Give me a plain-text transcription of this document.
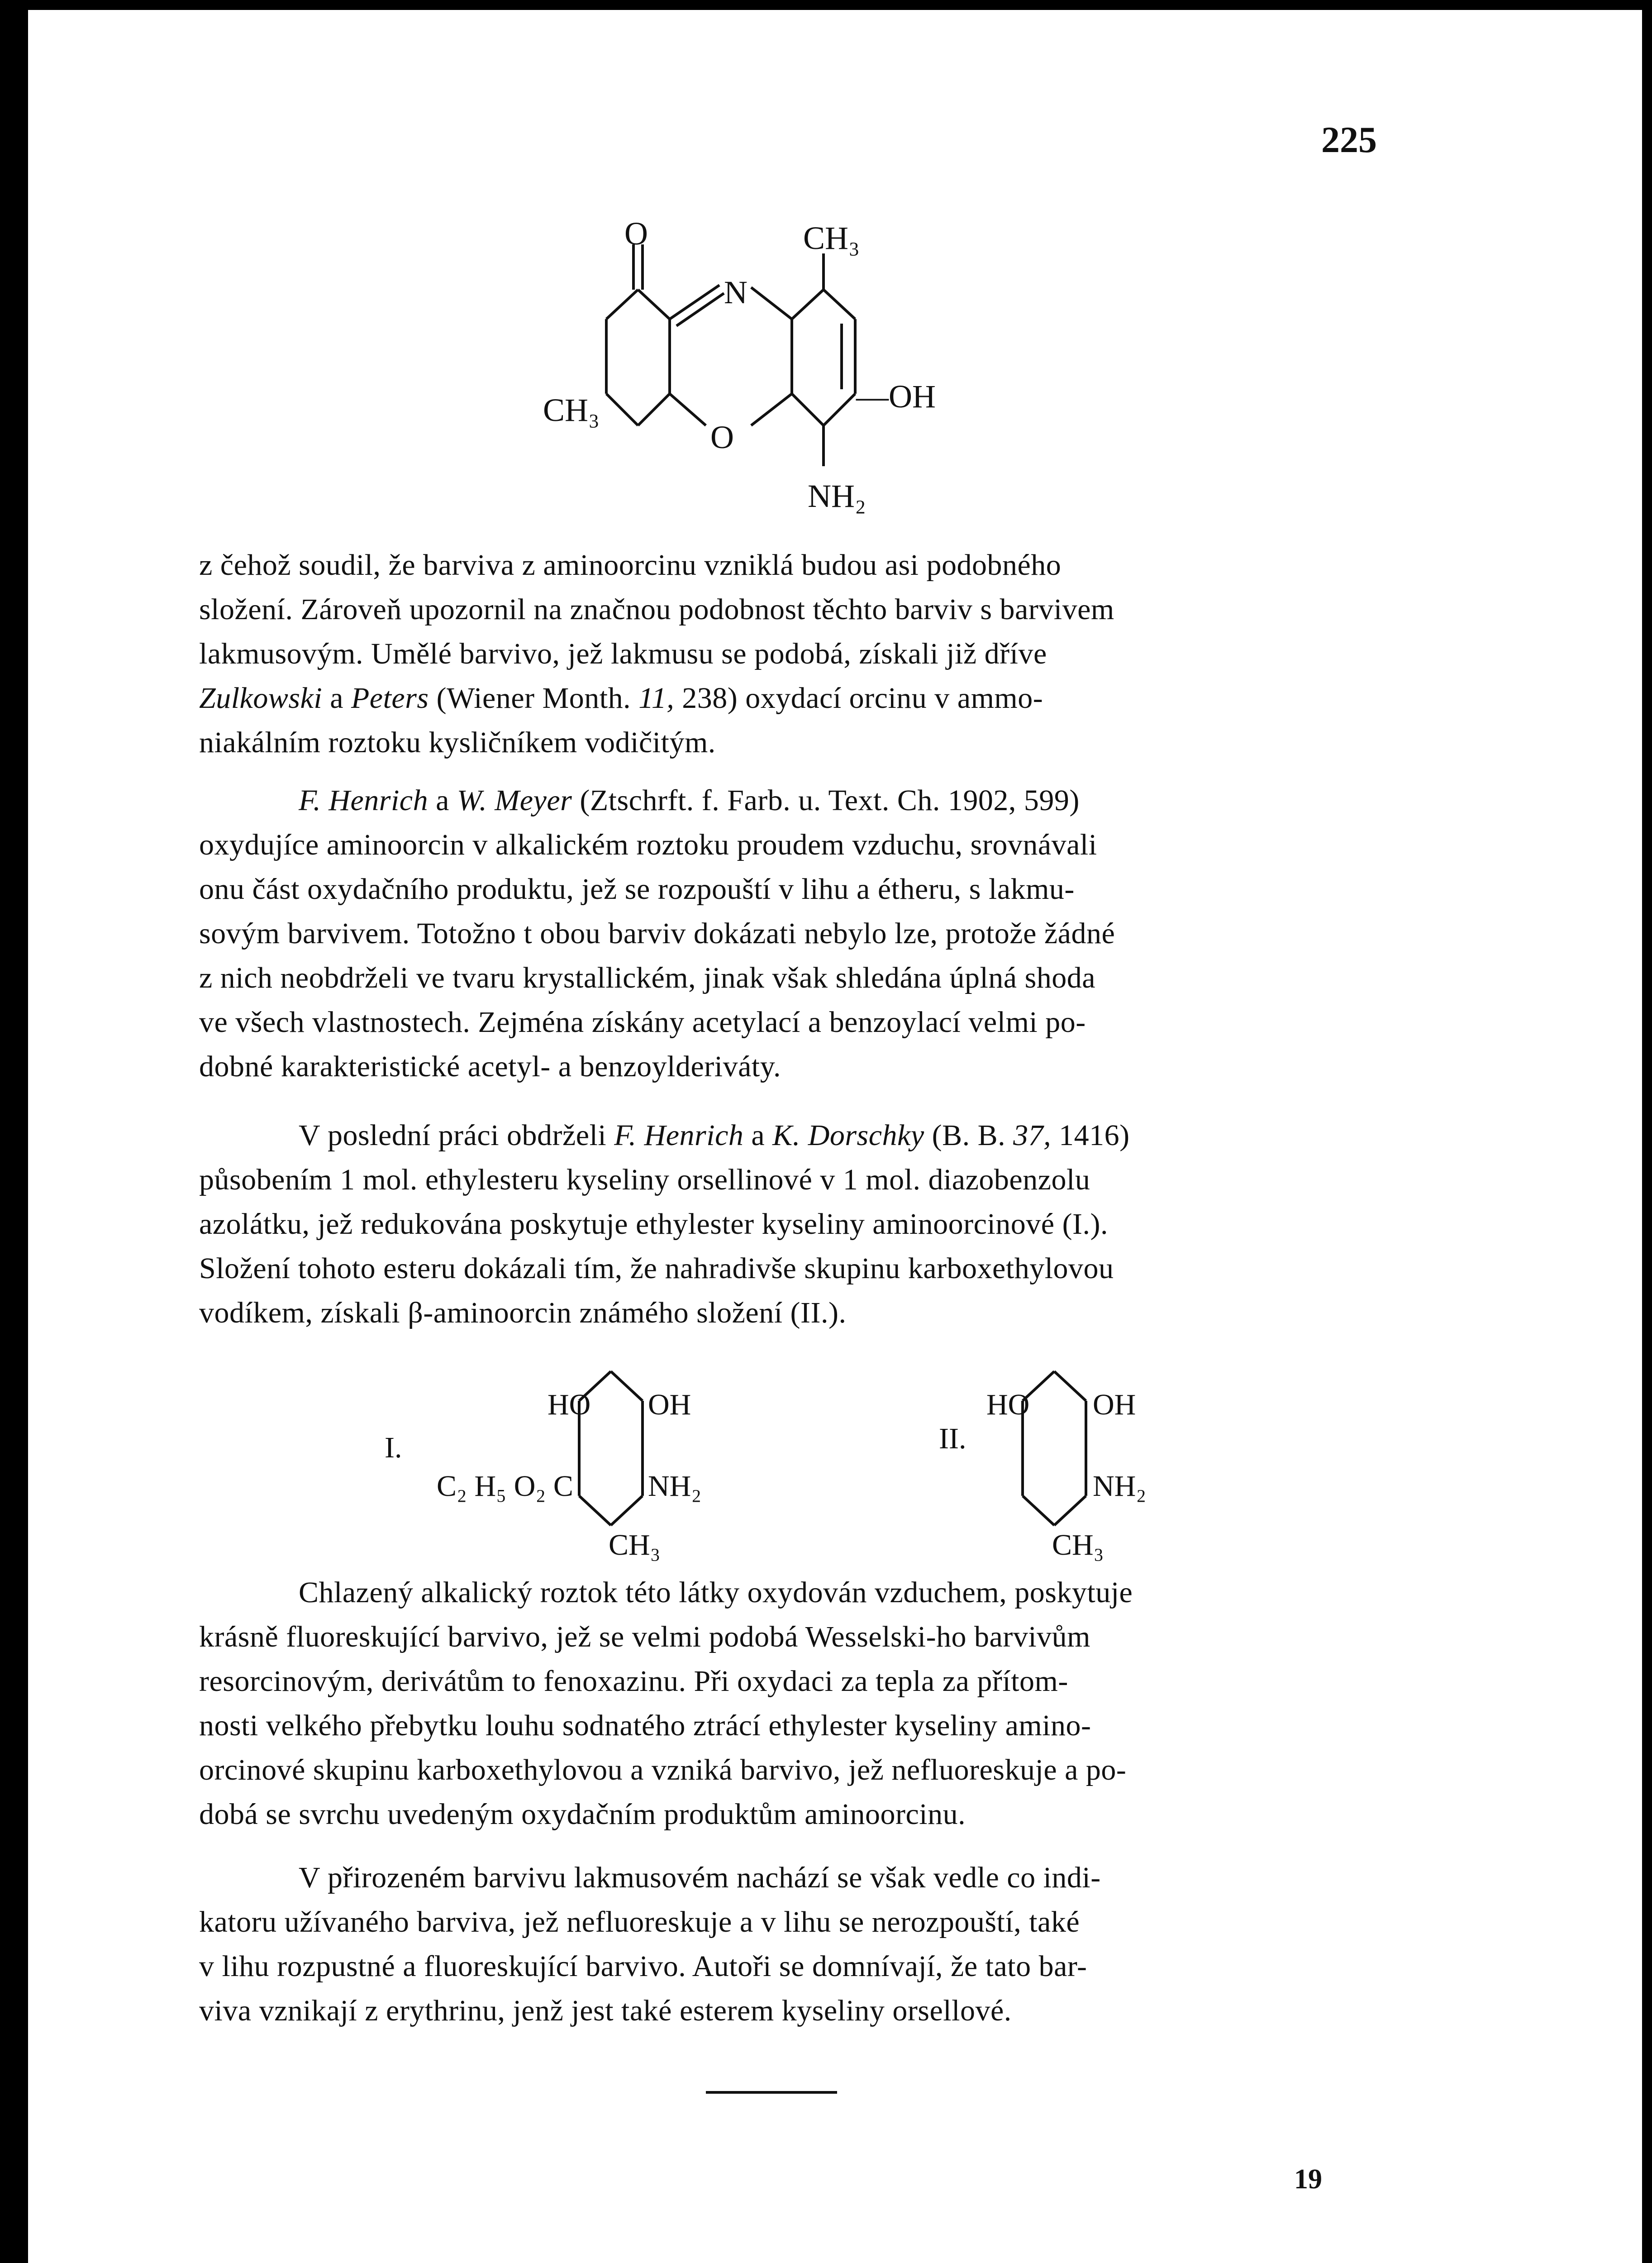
225
O	CH₃
N
CH₃
O
—OH
NH₂

z čehož soudil, že barviva z aminoorcinu vzniklá budou asi podobného

složení. Zároveň upozornil na značnou podobnost těchto barviv s barvivem

lakmusovým. Umělé barvivo, jež lakmusu se podobá, získali již dříve

Zulkowski a Peters (Wiener Month. 11, 238) oxydací orcinu v ammo-

niakálním roztoku kysličníkem vodičitým.

F. Henrich a W. Meyer (Ztschrft. f. Farb. u. Text. Ch. 1902, 599)

oxydujíce aminoorcin v alkalickém roztoku proudem vzduchu, srovnávali

onu část oxydačního produktu, jež se rozpouští v lihu a étheru, s lakmu-

sovým barvivem. Totožno t obou barviv dokázati nebylo lze, protože žádné

z nich neobdrželi ve tvaru krystallickém, jinak však shledána úplná shoda

ve všech vlastnostech. Zejména získány acetylací a benzoylací velmi po-

dobné karakteristické acetyl- a benzoylderiváty.

V poslední práci obdrželi F. Henrich a K. Dorschky (B. B. 37, 1416)

působením 1 mol. ethylesteru kyseliny orsellinové v 1 mol. diazobenzolu

azolátku, jež redukována poskytuje ethylester kyseliny aminoorcinové (I.).

Složení tohoto esteru dokázali tím, že nahradivše skupinu karboxethylovou

vodíkem, získali β-aminoorcin známého složení (II.).

I.
HO OH
C₂ H₅ O₂ C	NH₂
CH₃
II.
HO OH
NH₂
CH₃

Chlazený alkalický roztok této látky oxydován vzduchem, poskytuje

krásně fluoreskující barvivo, jež se velmi podobá Wesselski-ho barvivům

resorcinovým, derivátům to fenoxazinu. Při oxydaci za tepla za přítom-

nosti velkého přebytku louhu sodnatého ztrácí ethylester kyseliny amino-

orcinové skupinu karboxethylovou a vzniká barvivo, jež nefluoreskuje a po-

dobá se svrchu uvedeným oxydačním produktům aminoorcinu.

V přirozeném barvivu lakmusovém nachází se však vedle co indi-

katoru užívaného barviva, jež nefluoreskuje a v lihu se nerozpouští, také

v lihu rozpustné a fluoreskující barvivo. Autoři se domnívají, že tato bar-

viva vznikají z erythrinu, jenž jest také esterem kyseliny orsellové.

19
